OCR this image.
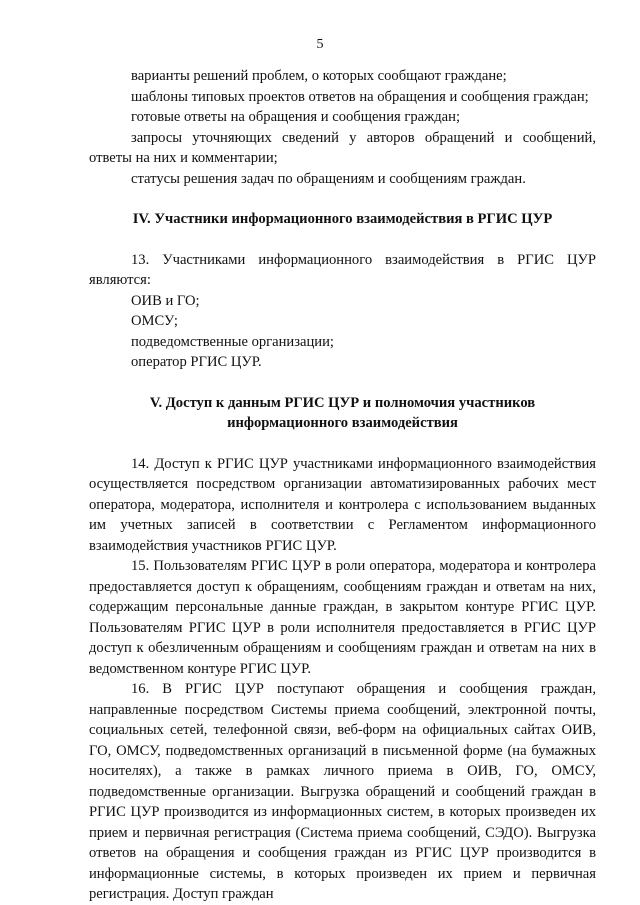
5

варианты решений проблем, о которых сообщают граждане;

шаблоны типовых проектов ответов на обращения и сообщения граждан;

готовые ответы на обращения и сообщения граждан;

запросы уточняющих сведений у авторов обращений и сообщений, ответы на них и комментарии;

статусы решения задач по обращениям и сообщениям граждан.

IV. Участники информационного взаимодействия в РГИС ЦУР

13. Участниками информационного взаимодействия в РГИС ЦУР являются:

ОИВ и ГО;

ОМСУ;

подведомственные организации;

оператор РГИС ЦУР.

V. Доступ к данным РГИС ЦУР и полномочия участников

информационного взаимодействия

14. Доступ к РГИС ЦУР участниками информационного взаимодействия осуществляется посредством организации автоматизированных рабочих мест оператора, модератора, исполнителя и контролера с использованием выданных им учетных записей в соответствии с Регламентом информационного взаимодействия участников РГИС ЦУР.

15. Пользователям РГИС ЦУР в роли оператора, модератора и контролера предоставляется доступ к обращениям, сообщениям граждан и ответам на них, содержащим персональные данные граждан, в закрытом контуре РГИС ЦУР. Пользователям РГИС ЦУР в роли исполнителя предоставляется в РГИС ЦУР доступ к обезличенным обращениям и сообщениям граждан и ответам на них в ведомственном контуре РГИС ЦУР.

16. В РГИС ЦУР поступают обращения и сообщения граждан, направленные посредством Системы приема сообщений, электронной почты, социальных сетей, телефонной связи, веб-форм на официальных сайтах ОИВ, ГО, ОМСУ, подведомственных организаций в письменной форме (на бумажных носителях), а также в рамках личного приема в ОИВ, ГО, ОМСУ, подведомственные организации. Выгрузка обращений и сообщений граждан в РГИС ЦУР производится из информационных систем, в которых произведен их прием и первичная регистрация (Система приема сообщений, СЭДО). Выгрузка ответов на обращения и сообщения граждан из РГИС ЦУР производится в информационные системы, в которых произведен их прием и первичная регистрация. Доступ граждан
